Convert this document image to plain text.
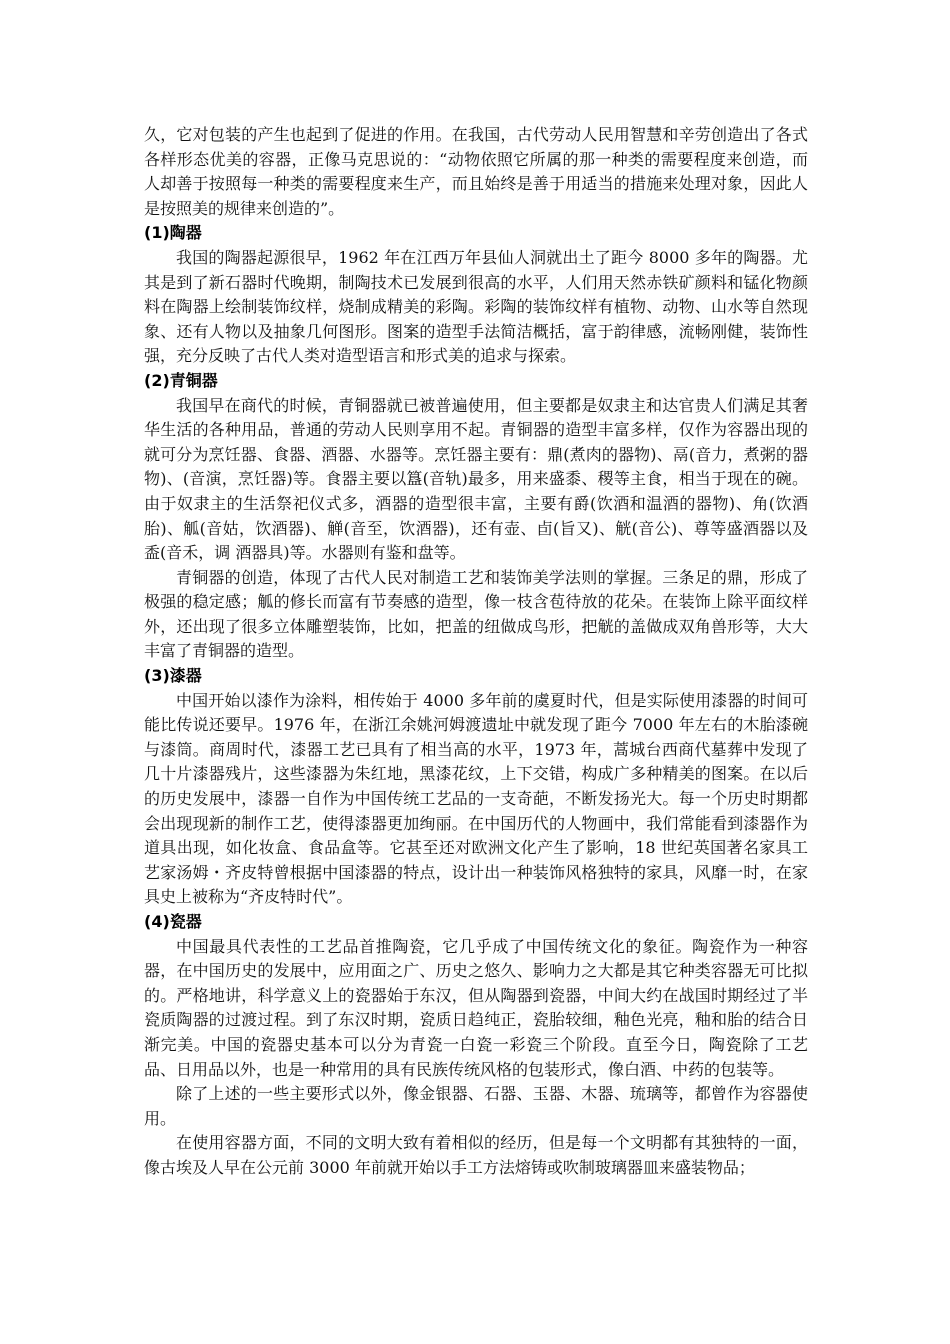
久，它对包装的产生也起到了促进的作用。在我国，古代劳动人民用智慧和辛劳创造出了各式各样形态优美的容器，正像马克思说的：“动物依照它所属的那一种类的需要程度来创造，而人却善于按照每一种类的需要程度来生产，而且始终是善于用适当的措施来处理对象，因此人是按照美的规律来创造的”。

(1)陶器

我国的陶器起源很早，1962 年在江西万年县仙人洞就出土了距今 8000 多年的陶器。尤其是到了新石器时代晚期，制陶技术已发展到很高的水平，人们用天然赤铁矿颜料和锰化物颜料在陶器上绘制装饰纹样，烧制成精美的彩陶。彩陶的装饰纹样有植物、动物、山水等自然现象、还有人物以及抽象几何图形。图案的造型手法简洁概括，富于韵律感，流畅刚健，装饰性强，充分反映了古代人类对造型语言和形式美的追求与探索。

(2)青铜器

我国早在商代的时候，青铜器就已被普遍使用，但主要都是奴隶主和达官贵人们满足其奢华生活的各种用品，普通的劳动人民则享用不起。青铜器的造型丰富多样，仅作为容器出现的就可分为烹饪器、食器、酒器、水器等。烹饪器主要有：鼎(煮肉的器物)、鬲(音力，煮粥的器物)、(音演，烹饪器)等。食器主要以簋(音轨)最多，用来盛黍、稷等主食，相当于现在的碗。由于奴隶主的生活祭祀仪式多，酒器的造型很丰富，主要有爵(饮酒和温酒的器物)、角(饮酒胎)、觚(音姑，饮酒器)、觯(音至，饮酒器)，还有壶、卣(旨又)、觥(音公)、尊等盛酒器以及盉(音禾，调 酒器具)等。水器则有鉴和盘等。

青铜器的创造，体现了古代人民对制造工艺和装饰美学法则的掌握。三条足的鼎，形成了极强的稳定感；觚的修长而富有节奏感的造型，像一枝含苞待放的花朵。在装饰上除平面纹样外，还出现了很多立体雕塑装饰，比如，把盖的纽做成鸟形，把觥的盖做成双角兽形等，大大丰富了青铜器的造型。

(3)漆器

中国开始以漆作为涂料，相传始于 4000 多年前的虞夏时代，但是实际使用漆器的时间可能比传说还要早。1976 年，在浙江余姚河姆渡遗址中就发现了距今 7000 年左右的木胎漆碗与漆筒。商周时代，漆器工艺已具有了相当高的水平，1973 年，蒿城台西商代墓葬中发现了几十片漆器残片，这些漆器为朱红地，黑漆花纹，上下交错，构成广多种精美的图案。在以后的历史发展中，漆器一自作为中国传统工艺品的一支奇葩，不断发扬光大。每一个历史时期都会出现现新的制作工艺，使得漆器更加绚丽。在中国历代的人物画中，我们常能看到漆器作为道具出现，如化妆盒、食品盒等。它甚至还对欧洲文化产生了影响，18 世纪英国著名家具工艺家汤姆・齐皮特曾根据中国漆器的特点，设计出一种装饰风格独特的家具，风靡一时，在家具史上被称为“齐皮特时代”。

(4)瓷器

中国最具代表性的工艺品首推陶瓷，它几乎成了中国传统文化的象征。陶瓷作为一种容器，在中国历史的发展中，应用面之广、历史之悠久、影响力之大都是其它种类容器无可比拟的。严格地讲，科学意义上的瓷器始于东汉，但从陶器到瓷器，中间大约在战国时期经过了半瓷质陶器的过渡过程。到了东汉时期，瓷质日趋纯正，瓷胎较细，釉色光亮，釉和胎的结合日渐完美。中国的瓷器史基本可以分为青瓷一白瓷一彩瓷三个阶段。直至今日，陶瓷除了工艺品、日用品以外，也是一种常用的具有民族传统风格的包装形式，像白酒、中药的包装等。

除了上述的一些主要形式以外，像金银器、石器、玉器、木器、琉璃等，都曾作为容器使用。

在使用容器方面，不同的文明大致有着相似的经历，但是每一个文明都有其独特的一面，像古埃及人早在公元前 3000 年前就开始以手工方法熔铸或吹制玻璃器皿来盛装物品；
